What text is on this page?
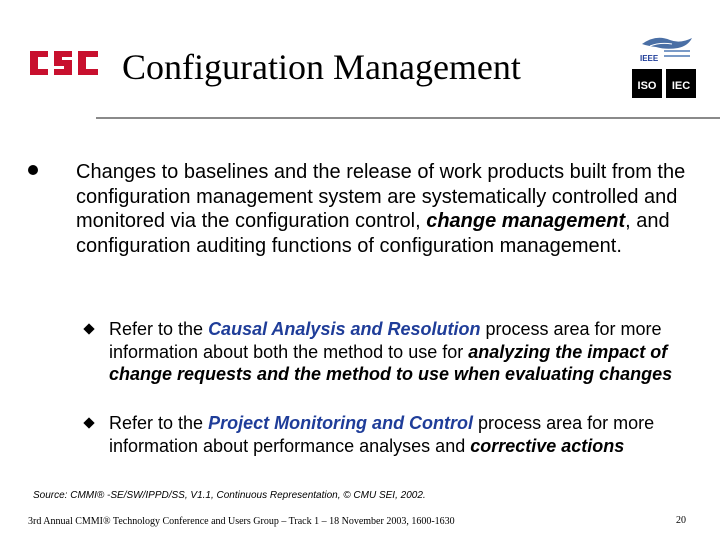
CSC	Configuration Management	IEEE
ISO IEC
Changes to baselines and the release of work products built from the configuration management system are systematically controlled and monitored via the configuration control, change management, and configuration auditing functions of configuration management.
Refer to the Causal Analysis and Resolution process area for more information about both the method to use for analyzing the impact of change requests and the method to use when evaluating changes
Refer to the Project Monitoring and Control process area for more information about performance analyses and corrective actions
Source: CMMI® -SE/SW/IPPD/SS, V1.1, Continuous Representation, © CMU SEI, 2002.
3rd Annual CMMI® Technology Conference and Users Group – Track 1 – 18 November 2003, 1600-1630	20
